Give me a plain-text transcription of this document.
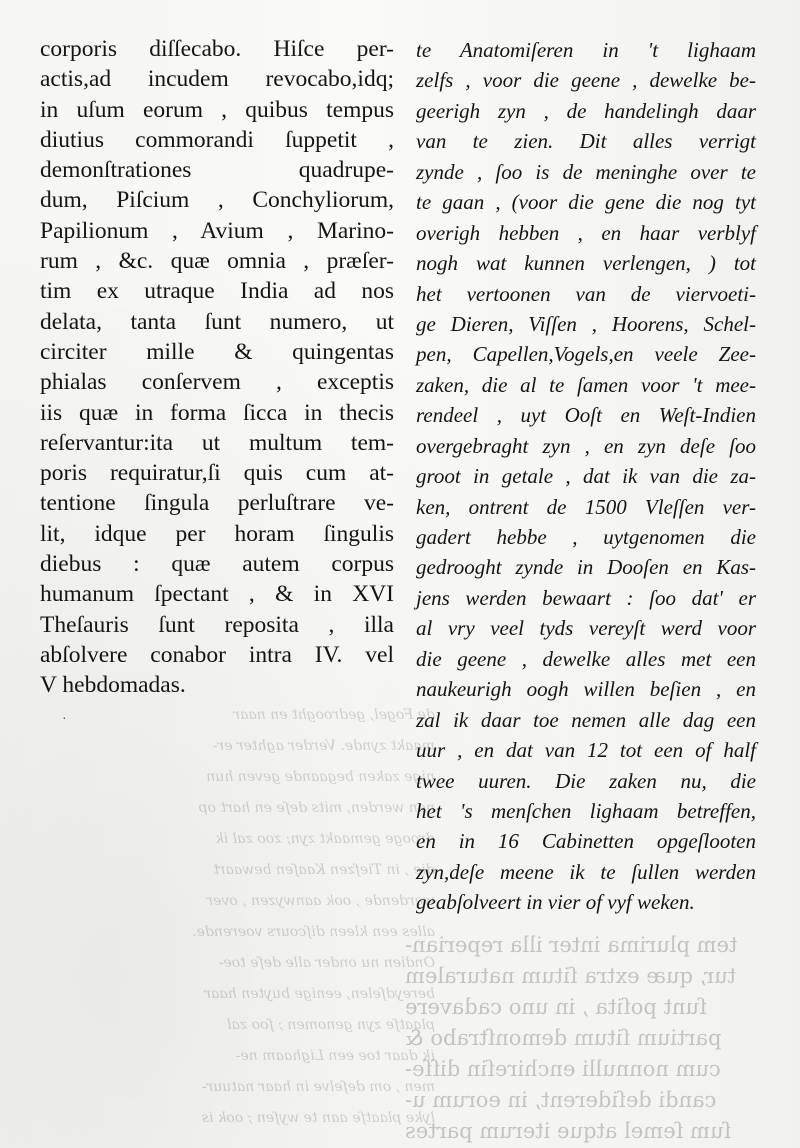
de Fogel, gedrooght en naar
maakt zynde. Verder aghter er-
nige zaken begaande geven hun
nen werden, mits deſe en hart op
drooge gemaakt zyn; zoo zal ik
die , in Tiefzen Kaaſen bewaart
werdende , ook aanwyzen , over
alles een kleen diſcours voerende.
Ondien nu onder alle deſe toe-
bereydſelen, eenige buyten haar
plaatſe zyn genomen ; ſoo zal
ik daar toe een Lighaam ne-
men , om deſelve in haar natuur-
lyke plaatſe aan te wyſen ; ook is
tem plurima inter illa reperian-
tur, quæ extra ſitum naturalem
ſunt poſita , in uno cadavere
partium ſitum demonſtrabo &
cum nonnulli enchireſin diſſe-
candi deſiderent, in eorum u-
ſum ſemel atque iterum partes
corporis diſſecabo. Hiſce per-
actis,ad incudem revocabo,idq;
in uſum eorum , quibus tempus
diutius commorandi ſuppetit ,
demonſtrationes quadrupe-
dum, Piſcium , Conchyliorum,
Papilionum , Avium , Marino-
rum , &c. quæ omnia , præſer-
tim ex utraque India ad nos
delata, tanta ſunt numero, ut
circiter mille & quingentas
phialas conſervem , exceptis
iis quæ in forma ſicca in thecis
reſervantur:ita ut multum tem-
poris requiratur,ſi quis cum at-
tentione ſingula perluſtrare ve-
lit, idque per horam ſingulis
diebus : quæ autem corpus
humanum ſpectant , & in XVI
Theſauris ſunt reposita , illa
abſolvere conabor intra IV. vel
V hebdomadas.
te Anatomiſeren in 't lighaam
zelfs , voor die geene , dewelke be-
geerigh zyn , de handelingh daar
van te zien. Dit alles verrigt
zynde , ſoo is de meninghe over te
te gaan , (voor die gene die nog tyt
overigh hebben , en haar verblyf
nogh wat kunnen verlengen, ) tot
het vertoonen van de viervoeti-
ge Dieren, Viſſen , Hoorens, Schel-
pen, Capellen,Vogels,en veele Zee-
zaken, die al te ſamen voor 't mee-
rendeel , uyt Ooſt en Weſt-Indien
overgebraght zyn , en zyn deſe ſoo
groot in getale , dat ik van die za-
ken, ontrent de 1500 Vleſſen ver-
gadert hebbe , uytgenomen die
gedrooght zynde in Dooſen en Kas-
jens werden bewaart : ſoo dat' er
al vry veel tyds vereyſt werd voor
die geene , dewelke alles met een
naukeurigh oogh willen beſien , en
zal ik daar toe nemen alle dag een
uur , en dat van 12 tot een of half
twee uuren. Die zaken nu, die
het 's menſchen lighaam betreffen,
en in 16 Cabinetten opgeſlooten
zyn,deſe meene ik te ſullen werden
geabſolveert in vier of vyf weken.
·
